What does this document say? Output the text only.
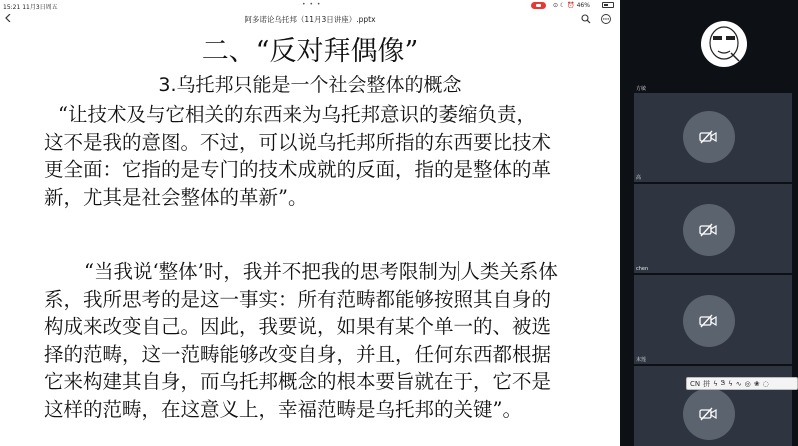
15:21 11月3日周五	• • •	⊙ ☾ ⏰ 46%
阿多诺论乌托邦（11月3日讲座）.pptx
二、“反对拜偶像”
3.乌托邦只能是一个社会整体的概念
“让技术及与它相关的东西来为乌托邦意识的萎缩负责，
这不是我的意图。不过，可以说乌托邦所指的东西要比技术
更全面：它指的是专门的技术成就的反面，指的是整体的革
新，尤其是社会整体的革新”。
“当我说‘整体’时，我并不把我的思考限制为 人类关系体
系，我所思考的是这一事实：所有范畴都能够按照其自身的
构成来改变自己。因此，我要说，如果有某个单一的、被选
择的范畴，这一范畴能够改变自身，并且，任何东西都根据
它来构建其自身，而乌托邦概念的根本要旨就在于，它不是
这样的范畴，在这意义上，幸福范畴是乌托邦的关键”。
方敏
高
chen
末莲
CN 拼 ϟ Ꮥ ϟ ∿ ◎ ❀ ◌
